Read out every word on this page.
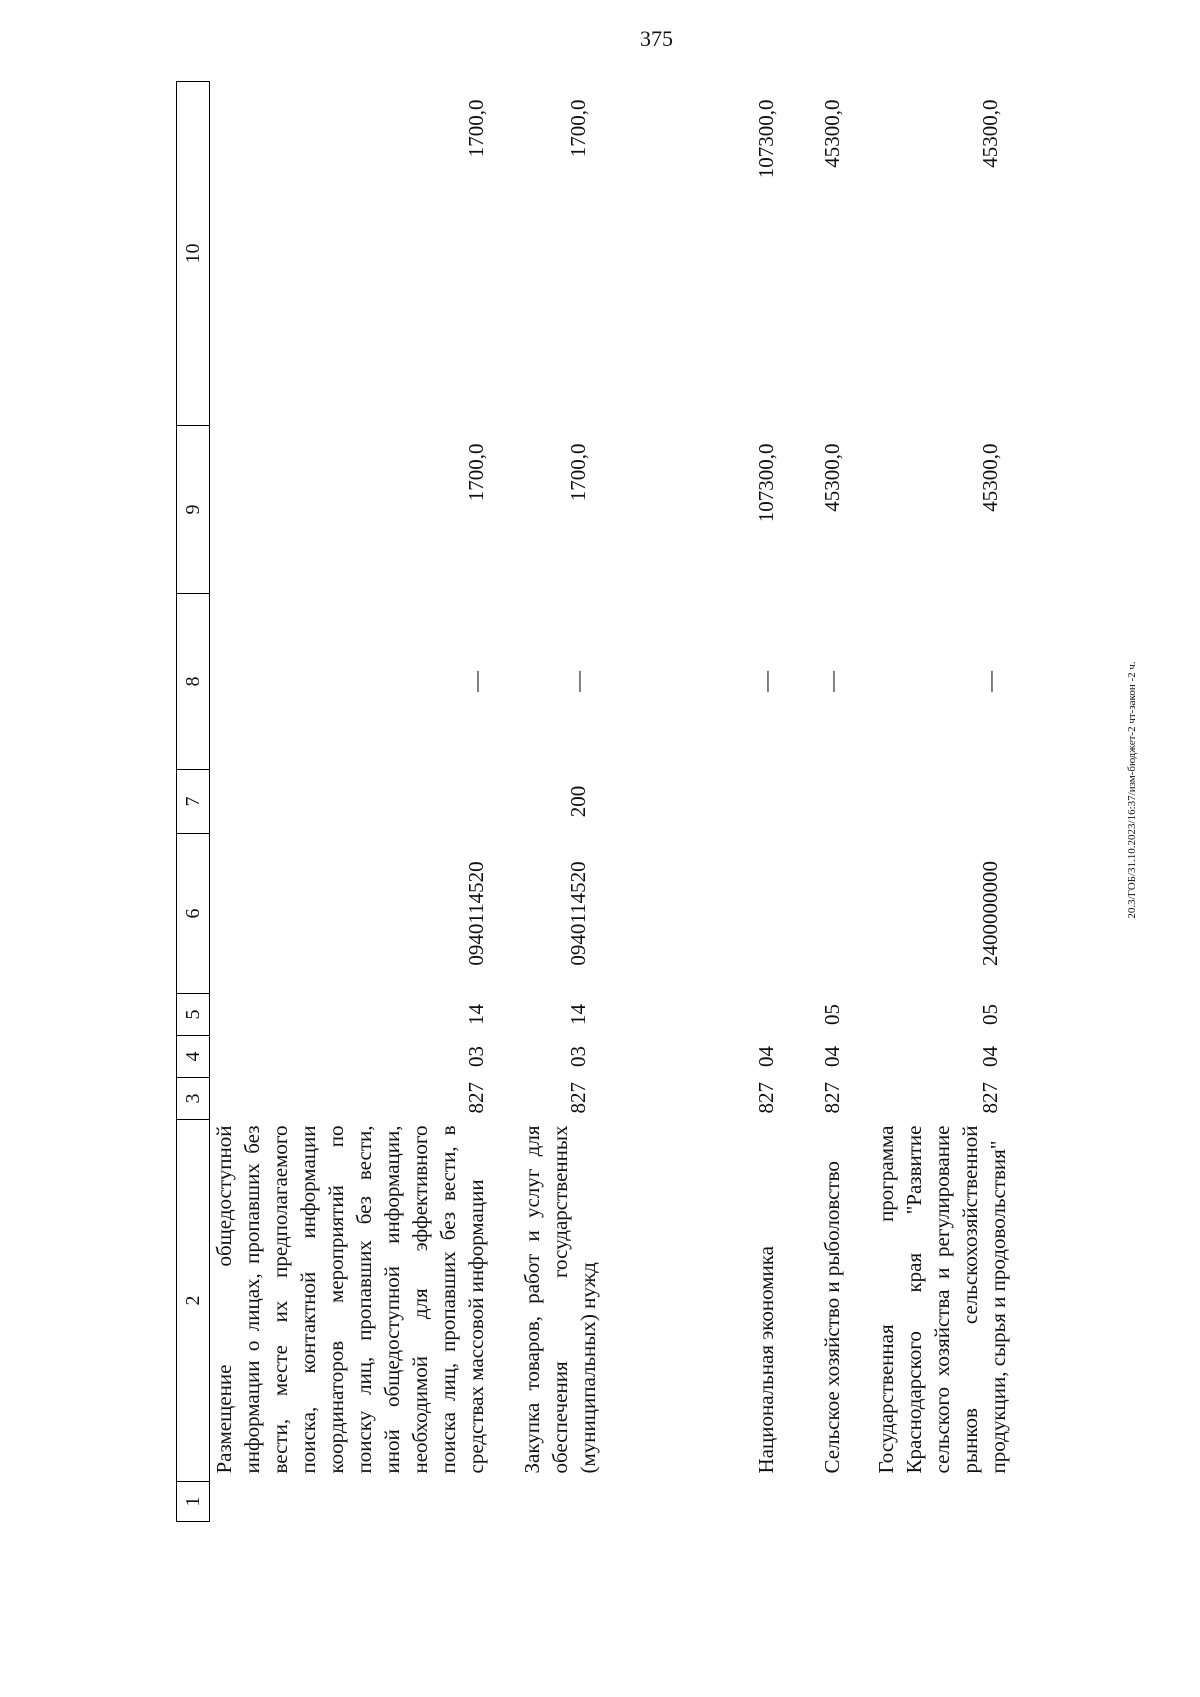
375
20.3/ГОБ/31.10.2023/16:37/изм-бюджет-2 чт-закон -2 ч.
1	2	3	4	5	6	7	8	9	10
	Размещение общедоступной информации о лицах, пропавших без вести, месте их предполагаемого поиска, контактной информации координаторов мероприятий по поиску лиц, пропавших без вести, иной общедоступной информации, необходимой для эффективного поиска лиц, пропавших без вести, в средствах массовой информации	827	03	14	0940114520		—	1700,0	1700,0
	Закупка товаров, работ и услуг для обеспечения государственных (муниципальных) нужд	827	03	14	0940114520	200	—	1700,0	1700,0
	Национальная экономика	827	04				—	107300,0	107300,0
	Сельское хозяйство и рыболовство	827	04	05			—	45300,0	45300,0
	Государственная программа Краснодарского края "Развитие сельского хозяйства и регулирование рынков сельскохозяйственной продукции, сырья и продовольствия"	827	04	05	2400000000		—	45300,0	45300,0
